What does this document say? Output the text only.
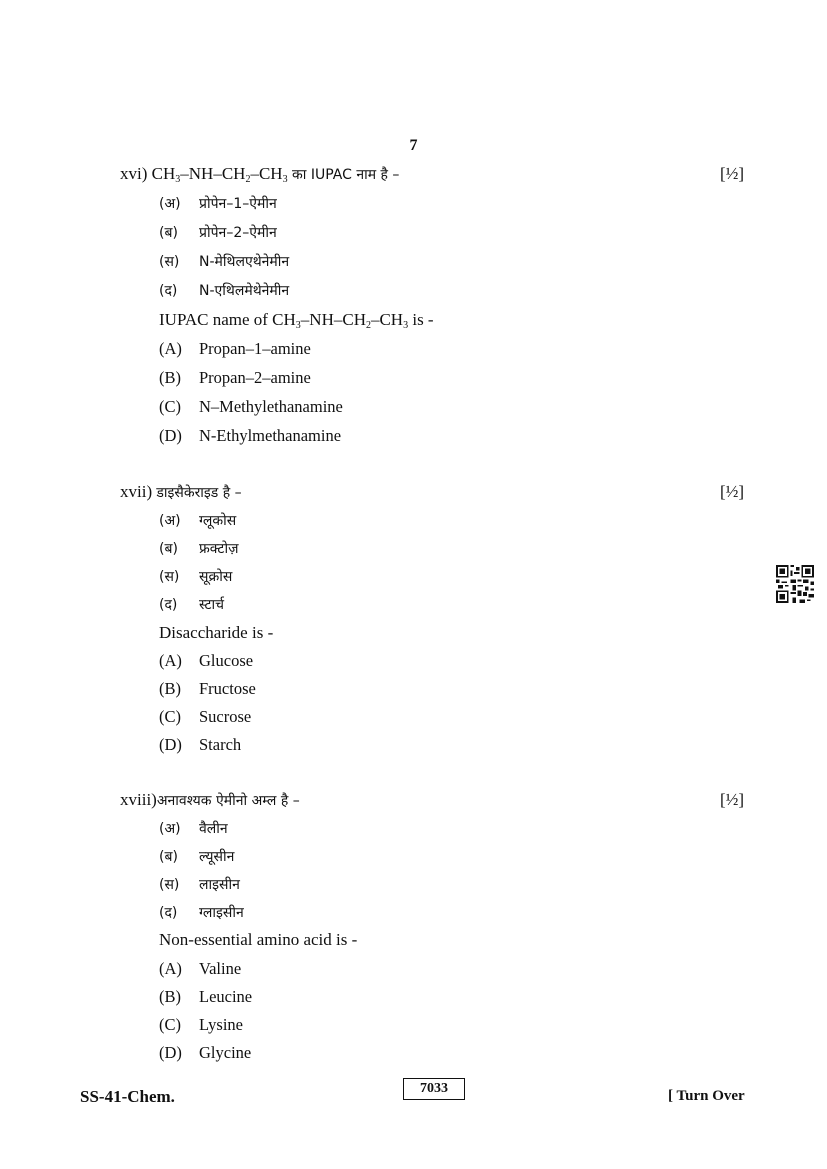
7
xvi) $CH_3-NH-CH_2-CH_3$ का IUPAC नाम है –	[½]
(अ) प्रोपेन–1–ऐमीन
(ब) प्रोपेन–2–ऐमीन
(स) N-मेथिलएथेनेमीन
(द) N-एथिलमेथेनेमीन
IUPAC name of $CH_3-NH-CH_2-CH_3$ is -
(A) Propan–1–amine
(B) Propan–2–amine
(C) N–Methylethanamine
(D) N-Ethylmethanamine
xvii) डाइसैकेराइड है –	[½]
(अ) ग्लूकोस
(ब) फ्रक्टोज़
(स) सूक्रोस
(द) स्टार्च
Disaccharide is -
(A) Glucose
(B) Fructose
(C) Sucrose
(D) Starch
xviii)अनावश्यक ऐमीनो अम्ल है –	[½]
(अ) वैलीन
(ब) ल्यूसीन
(स) लाइसीन
(द) ग्लाइसीन
Non-essential amino acid is -
(A) Valine
(B) Leucine
(C) Lysine
(D) Glycine
SS-41-Chem.	7033	[ Turn Over
